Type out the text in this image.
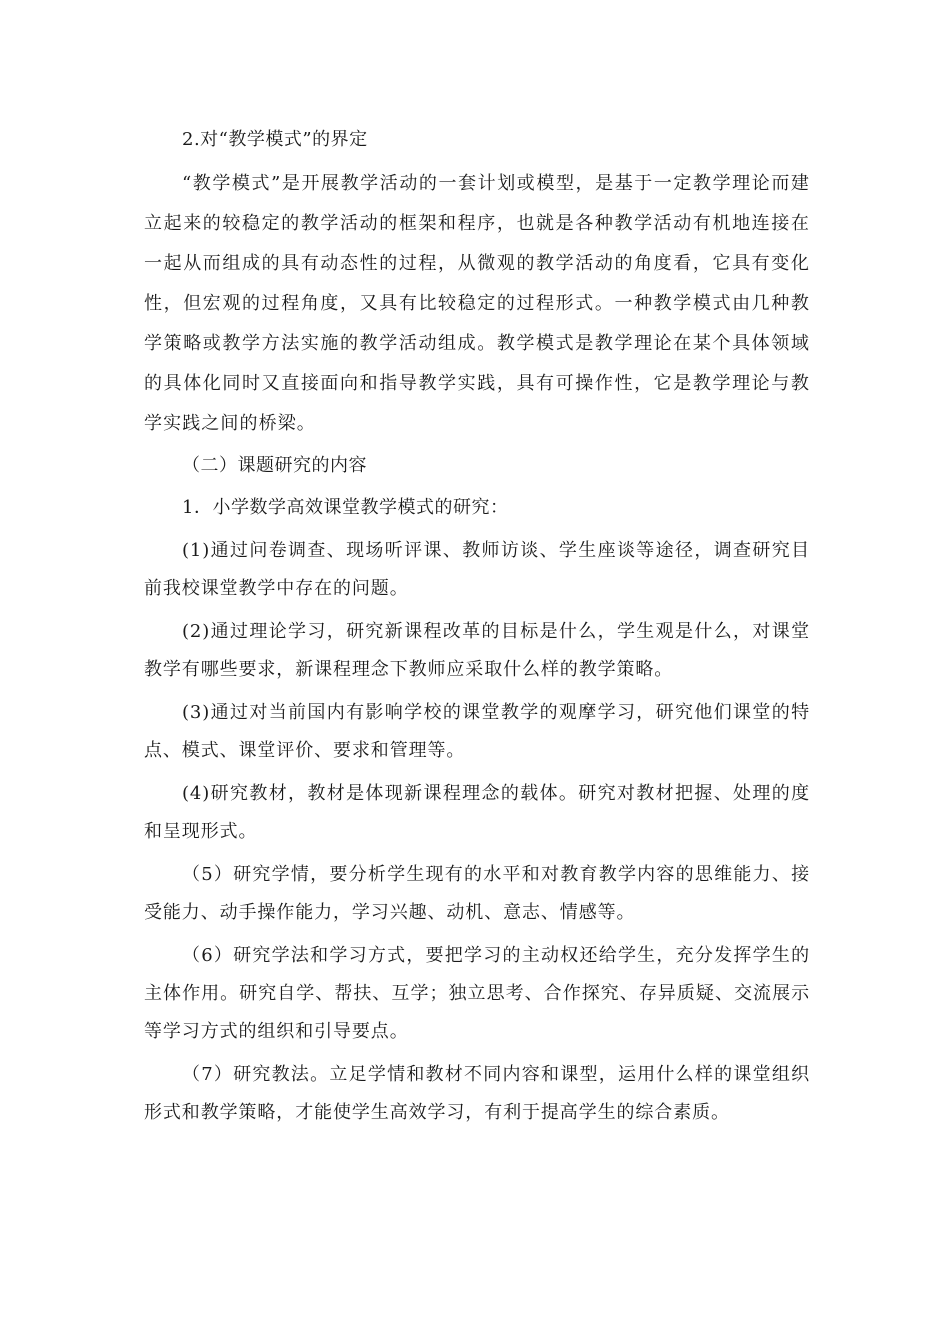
2.对“教学模式”的界定

“教学模式”是开展教学活动的一套计划或模型，是基于一定教学理论而建立起来的较稳定的教学活动的框架和程序，也就是各种教学活动有机地连接在一起从而组成的具有动态性的过程，从微观的教学活动的角度看，它具有变化性，但宏观的过程角度，又具有比较稳定的过程形式。一种教学模式由几种教学策略或教学方法实施的教学活动组成。教学模式是教学理论在某个具体领域的具体化同时又直接面向和指导教学实践，具有可操作性，它是教学理论与教学实践之间的桥梁。

（二）课题研究的内容

1．小学数学高效课堂教学模式的研究：

(1)通过问卷调查、现场听评课、教师访谈、学生座谈等途径，调查研究目前我校课堂教学中存在的问题。

(2)通过理论学习，研究新课程改革的目标是什么，学生观是什么，对课堂教学有哪些要求，新课程理念下教师应采取什么样的教学策略。

(3)通过对当前国内有影响学校的课堂教学的观摩学习，研究他们课堂的特点、模式、课堂评价、要求和管理等。

(4)研究教材，教材是体现新课程理念的载体。研究对教材把握、处理的度和呈现形式。

（5）研究学情，要分析学生现有的水平和对教育教学内容的思维能力、接受能力、动手操作能力，学习兴趣、动机、意志、情感等。

（6）研究学法和学习方式，要把学习的主动权还给学生，充分发挥学生的主体作用。研究自学、帮扶、互学；独立思考、合作探究、存异质疑、交流展示等学习方式的组织和引导要点。

（7）研究教法。立足学情和教材不同内容和课型，运用什么样的课堂组织形式和教学策略，才能使学生高效学习，有利于提高学生的综合素质。
